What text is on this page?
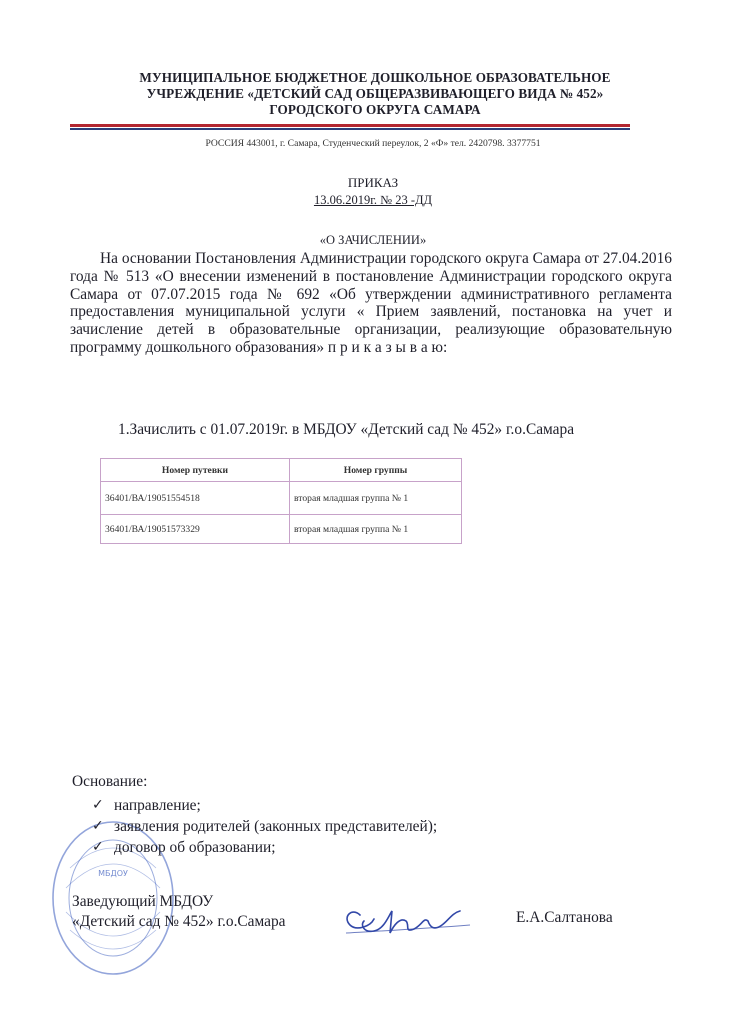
МУНИЦИПАЛЬНОЕ БЮДЖЕТНОЕ ДОШКОЛЬНОЕ ОБРАЗОВАТЕЛЬНОЕ
УЧРЕЖДЕНИЕ «ДЕТСКИЙ САД ОБЩЕРАЗВИВАЮЩЕГО ВИДА № 452»
ГОРОДСКОГО ОКРУГА САМАРА
РОССИЯ 443001, г. Самара, Студенческий переулок, 2 «Ф» тел. 2420798. 3377751
ПРИКАЗ
13.06.2019г. № 23 -ДД
«О ЗАЧИСЛЕНИИ»
На основании Постановления Администрации городского округа Самара от 27.04.2016 года № 513 «О внесении изменений в постановление Администрации городского округа Самара от 07.07.2015 года № 692 «Об утверждении административного регламента предоставления муниципальной услуги « Прием заявлений, постановка на учет и зачисление детей в образовательные организации, реализующие образовательную программу дошкольного образования» п р и к а з ы в а ю:
1.Зачислить с 01.07.2019г. в МБДОУ «Детский сад № 452» г.о.Самара
Номер путевки	Номер группы
36401/ВА/19051554518	вторая младшая группа № 1
36401/ВА/19051573329	вторая младшая группа № 1
МБДОУ
Основание:
✓ направление;
✓ заявления родителей (законных представителей);
✓ договор об образовании;
Заведующий МБДОУ
«Детский сад № 452» г.о.Самара	Е.А.Салтанова
